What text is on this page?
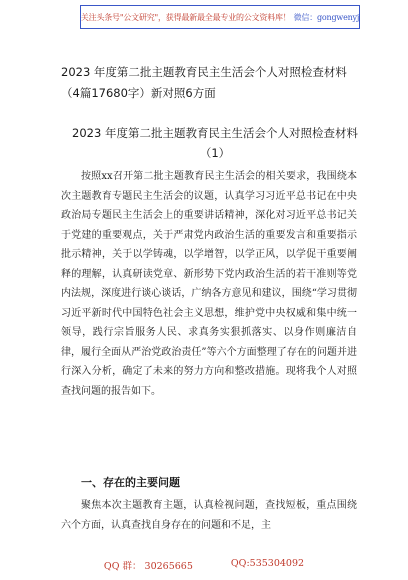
关注头条号"公文研究"，获得最新最全最专业的公文资料库！ 微信：gongwenyj
2023 年度第二批主题教育民主生活会个人对照检查材料（4篇17680字）新对照6方面
2023 年度第二批主题教育民主生活会个人对照检查材料（1）
按照xx召开第二批主题教育民主生活会的相关要求，我围绕本次主题教育专题民主生活会的议题，认真学习习近平总书记在中央政治局专题民主生活会上的重要讲话精神，深化对习近平总书记关于党建的重要观点，关于严肃党内政治生活的重要发言和重要指示批示精神，关于以学铸魂，以学增智，以学正风，以学促干重要阐释的理解，认真研读党章、新形势下党内政治生活的若干准则等党内法规，深度进行谈心谈话，广纳各方意见和建议，围绕“学习贯彻习近平新时代中国特色社会主义思想，维护党中央权威和集中统一领导，践行宗旨服务人民、求真务实狠抓落实、以身作则廉洁自律，履行全面从严治党政治责任”等六个方面整理了存在的问题并进行深入分析，确定了未来的努力方向和整改措施。现将我个人对照查找问题的报告如下。
一、存在的主要问题
聚焦本次主题教育主题，认真检视问题，查找短板，重点围绕六个方面，认真查找自身存在的问题和不足，主
QQ 群： 30265665	QQ:535304092
